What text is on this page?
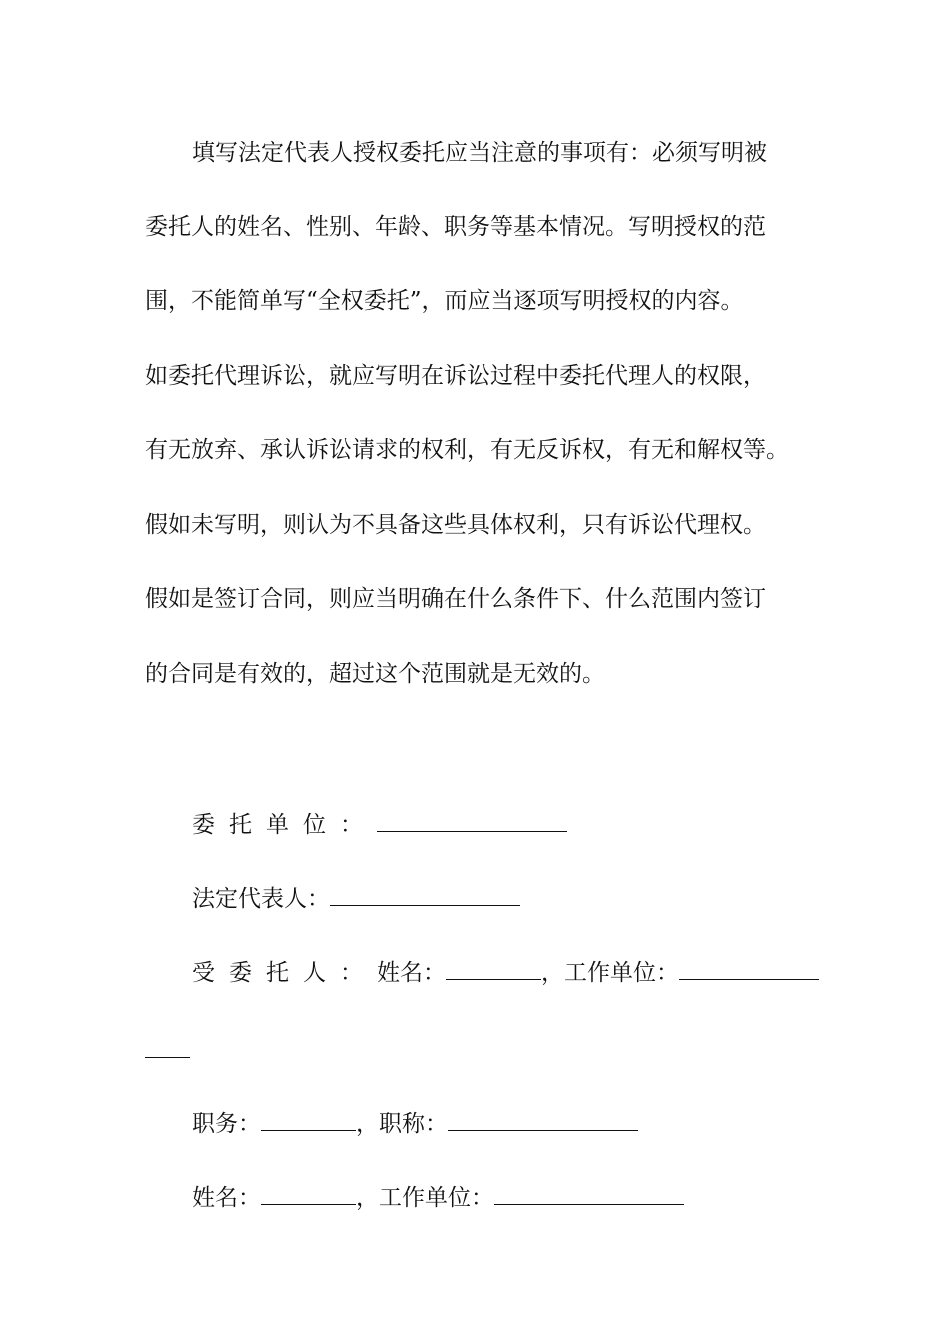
填写法定代表人授权委托应当注意的事项有：必须写明被
委托人的姓名、性别、年龄、职务等基本情况。写明授权的范
围，不能简单写“全权委托”，而应当逐项写明授权的内容。
如委托代理诉讼，就应写明在诉讼过程中委托代理人的权限，
有无放弃、承认诉讼请求的权利，有无反诉权，有无和解权等。
假如未写明，则认为不具备这些具体权利，只有诉讼代理权。
假如是签订合同，则应当明确在什么条件下、什么范围内签订
的合同是有效的，超过这个范围就是无效的。
委托单位：
法定代表人：
受委托人：姓名：	，工作单位：
职务：	，职称：
姓名：	，工作单位：
